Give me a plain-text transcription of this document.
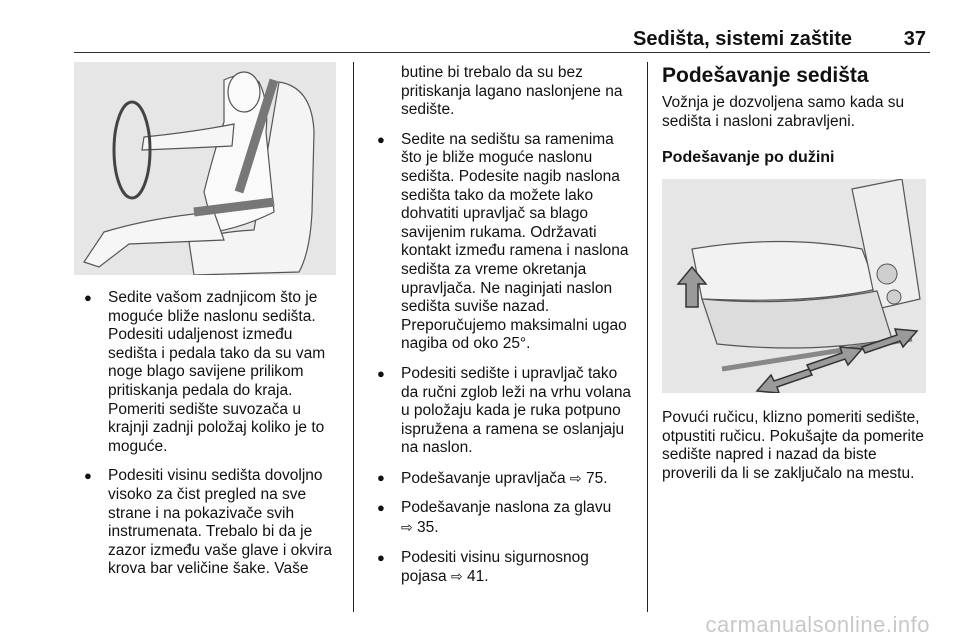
Sedišta, sistemi zaštite	37
● Sedite vašom zadnjicom što je moguće bliže naslonu sedišta. Podesiti udaljenost između sedišta i pedala tako da su vam noge blago savijene prilikom pritiskanja pedala do kraja. Pomeriti sedište suvozača u krajnji zadnji položaj koliko je to moguće.
● Podesiti visinu sedišta dovoljno visoko za čist pregled na sve strane i na pokazivače svih instrumenata. Trebalo bi da je zazor između vaše glave i okvira krova bar veličine šake. Vaše
butine bi trebalo da su bez pritiskanja lagano naslonjene na sedište.
● Sedite na sedištu sa ramenima što je bliže moguće naslonu sedišta. Podesite nagib naslona sedišta tako da možete lako dohvatiti upravljač sa blago savijenim rukama. Održavati kontakt između ramena i naslona sedišta za vreme okretanja upravljača. Ne naginjati naslon sedišta suviše nazad. Preporučujemo maksimalni ugao nagiba od oko 25°.
● Podesiti sedište i upravljač tako da ručni zglob leži na vrhu volana u položaju kada je ruka potpuno ispružena a ramena se oslanjaju na naslon.
● Podešavanje upravljača ⇨ 75.
● Podešavanje naslona za glavu
⇨ 35.
● Podesiti visinu sigurnosnog pojasa ⇨ 41.
Podešavanje sedišta

Vožnja je dozvoljena samo kada su sedišta i nasloni zabravljeni.

Podešavanje po dužini

Povući ručicu, klizno pomeriti sedište, otpustiti ručicu. Pokušajte da pomerite sedište napred i nazad da biste proverili da li se zaključalo na mestu.

carmanualsonline.info
